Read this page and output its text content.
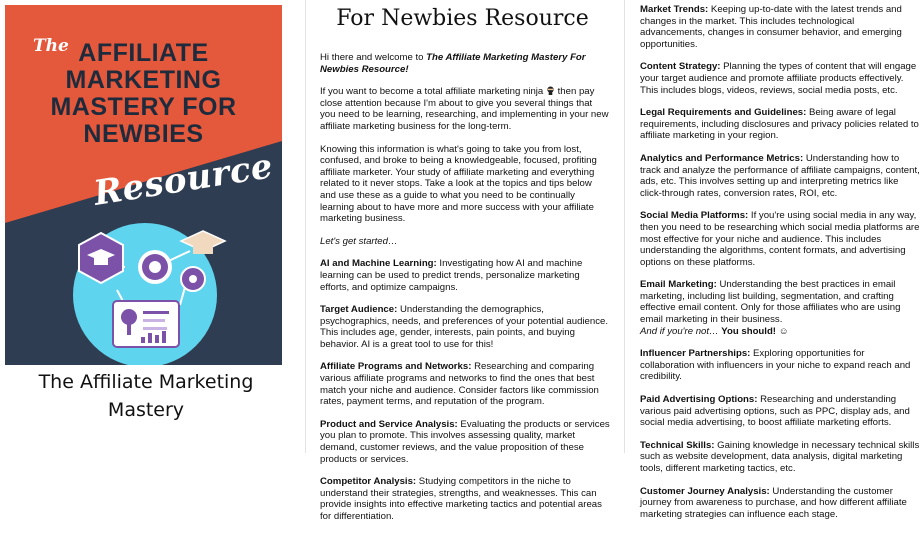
The AFFILIATE
MARKETING
MASTERY FOR
NEWBIES
Resource
The Affiliate Marketing
Mastery
For Newbies Resource

Hi there and welcome to The Affiliate Marketing Mastery For Newbies Resource!

If you want to become a total affiliate marketing ninja  then pay close attention because I'm about to give you several things that you need to be learning, researching, and implementing in your new affiliate marketing business for the long-term.

Knowing this information is what's going to take you from lost, confused, and broke to being a knowledgeable, focused, profiting affiliate marketer. Your study of affiliate marketing and everything related to it never stops. Take a look at the topics and tips below and use these as a guide to what you need to be continually learning about to have more and more success with your affiliate marketing business.

Let's get started…

AI and Machine Learning: Investigating how AI and machine learning can be used to predict trends, personalize marketing efforts, and optimize campaigns.

Target Audience: Understanding the demographics, psychographics, needs, and preferences of your potential audience. This includes age, gender, interests, pain points, and buying behavior. AI is a great tool to use for this!

Affiliate Programs and Networks: Researching and comparing various affiliate programs and networks to find the ones that best match your niche and audience. Consider factors like commission rates, payment terms, and reputation of the program.

Product and Service Analysis: Evaluating the products or services you plan to promote. This involves assessing quality, market demand, customer reviews, and the value proposition of these products or services.

Competitor Analysis: Studying competitors in the niche to understand their strategies, strengths, and weaknesses. This can provide insights into effective marketing tactics and potential areas for differentiation.

Market Trends: Keeping up-to-date with the latest trends and changes in the market. This includes technological advancements, changes in consumer behavior, and emerging opportunities.

Content Strategy: Planning the types of content that will engage your target audience and promote affiliate products effectively. This includes blogs, videos, reviews, social media posts, etc.

Legal Requirements and Guidelines: Being aware of legal requirements, including disclosures and privacy policies related to affiliate marketing in your region.

Analytics and Performance Metrics: Understanding how to track and analyze the performance of affiliate campaigns, content, ads, etc. This involves setting up and interpreting metrics like click-through rates, conversion rates, ROI, etc.

Social Media Platforms: If you're using social media in any way, then you need to be researching which social media platforms are most effective for your niche and audience. This includes understanding the algorithms, content formats, and advertising options on these platforms.

Email Marketing: Understanding the best practices in email marketing, including list building, segmentation, and crafting effective email content. Only for those affiliates who are using email marketing in their business.
And if you're not… You should! ☺

Influencer Partnerships: Exploring opportunities for collaboration with influencers in your niche to expand reach and credibility.

Paid Advertising Options: Researching and understanding various paid advertising options, such as PPC, display ads, and social media advertising, to boost affiliate marketing efforts.

Technical Skills: Gaining knowledge in necessary technical skills such as website development, data analysis, digital marketing tools, different marketing tactics, etc.

Customer Journey Analysis: Understanding the customer journey from awareness to purchase, and how different affiliate marketing strategies can influence each stage.
